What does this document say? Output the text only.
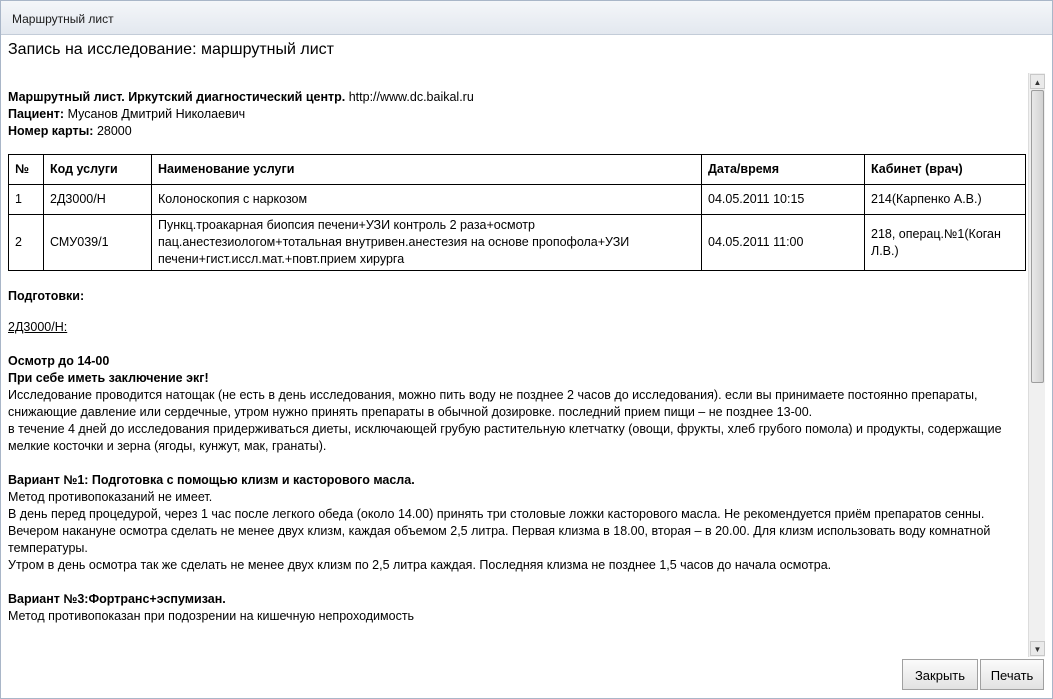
Маршрутный лист
Запись на исследование: маршрутный лист
Маршрутный лист. Иркутский диагностический центр. http://www.dc.baikal.ru
Пациент: Мусанов Дмитрий Николаевич
Номер карты: 28000
№	Код услуги	Наименование услуги	Дата/время	Кабинет (врач)
1	2Д3000/Н	Колоноскопия с наркозом	04.05.2011 10:15	214(Карпенко А.В.)
2	СМУ039/1	Пункц.троакарная биопсия печени+УЗИ контроль 2 раза+осмотр пац.анестезиологом+тотальная внутривен.анестезия на основе пропофола+УЗИ печени+гист.иссл.мат.+повт.прием хирурга	04.05.2011 11:00	218, операц.№1(Коган Л.В.)
Подготовки:
2Д3000/Н:
Осмотр до 14-00
При себе иметь заключение экг!
Исследование проводится натощак (не есть в день исследования, можно пить воду не позднее 2 часов до исследования). если вы принимаете постоянно препараты, снижающие давление или сердечные, утром нужно принять препараты в обычной дозировке. последний прием пищи – не позднее 13-00.
в течение 4 дней до исследования придерживаться диеты, исключающей грубую растительную клетчатку (овощи, фрукты, хлеб грубого помола) и продукты, содержащие мелкие косточки и зерна (ягоды, кунжут, мак, гранаты).
Вариант №1: Подготовка с помощью клизм и касторового масла.
Метод противопоказаний не имеет.
В день перед процедурой, через 1 час после легкого обеда (около 14.00) принять три столовые ложки касторового масла. Не рекомендуется приём препаратов сенны.
Вечером накануне осмотра сделать не менее двух клизм, каждая объемом 2,5 литра. Первая клизма в 18.00, вторая – в 20.00. Для клизм использовать воду комнатной температуры.
Утром в день осмотра так же сделать не менее двух клизм по 2,5 литра каждая. Последняя клизма не позднее 1,5 часов до начала осмотра.
Вариант №3:Фортранс+эспумизан.
Метод противопоказан при подозрении на кишечную непроходимость
▲
▼
Закрыть	Печать
